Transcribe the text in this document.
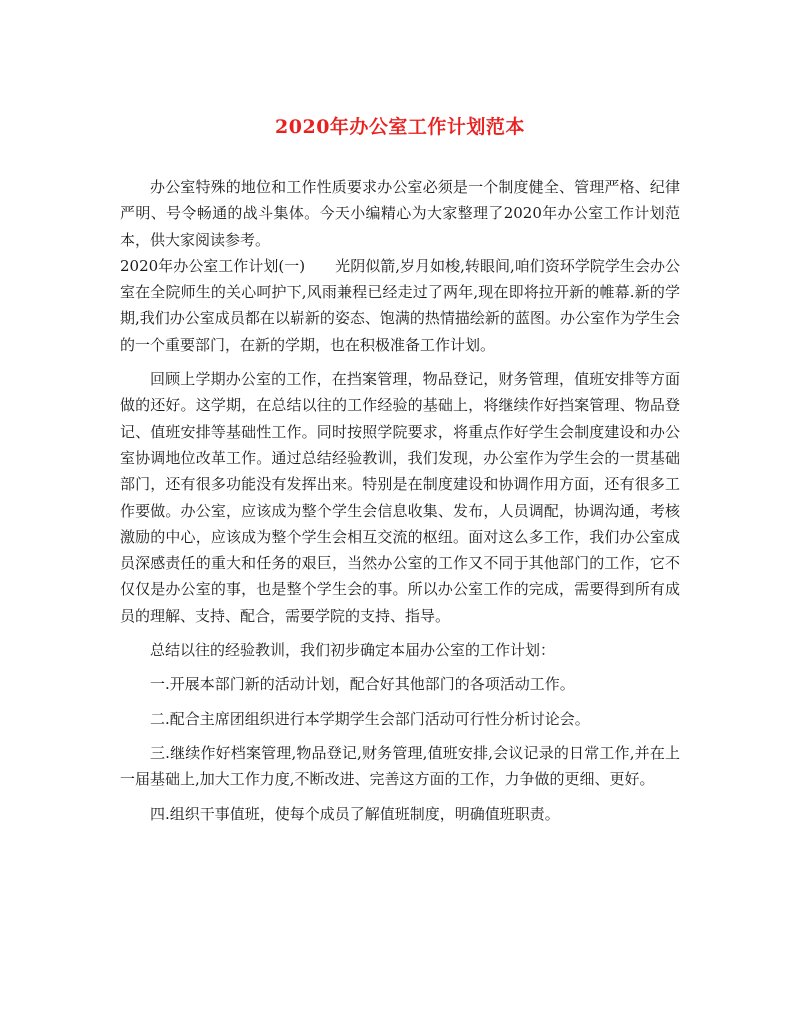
2020年办公室工作计划范本

办公室特殊的地位和工作性质要求办公室必须是一个制度健全、管理严格、纪律严明、号令畅通的战斗集体。今天小编精心为大家整理了2020年办公室工作计划范本，供大家阅读参考。

2020年办公室工作计划(一)　　光阴似箭,岁月如梭,转眼间,咱们资环学院学生会办公室在全院师生的关心呵护下,风雨兼程已经走过了两年,现在即将拉开新的帷幕.新的学期,我们办公室成员都在以崭新的姿态、饱满的热情描绘新的蓝图。办公室作为学生会的一个重要部门，在新的学期，也在积极准备工作计划。

回顾上学期办公室的工作，在挡案管理，物品登记，财务管理，值班安排等方面做的还好。这学期，在总结以往的工作经验的基础上，将继续作好挡案管理、物品登记、值班安排等基础性工作。同时按照学院要求，将重点作好学生会制度建设和办公室协调地位改革工作。通过总结经验教训，我们发现，办公室作为学生会的一贯基础部门，还有很多功能没有发挥出来。特别是在制度建设和协调作用方面，还有很多工作要做。办公室，应该成为整个学生会信息收集、发布，人员调配，协调沟通，考核激励的中心，应该成为整个学生会相互交流的枢纽。面对这么多工作，我们办公室成员深感责任的重大和任务的艰巨，当然办公室的工作又不同于其他部门的工作，它不仅仅是办公室的事，也是整个学生会的事。所以办公室工作的完成，需要得到所有成员的理解、支持、配合，需要学院的支持、指导。

总结以往的经验教训，我们初步确定本届办公室的工作计划：

一.开展本部门新的活动计划，配合好其他部门的各项活动工作。

二.配合主席团组织进行本学期学生会部门活动可行性分析讨论会。

三.继续作好档案管理,物品登记,财务管理,值班安排,会议记录的日常工作,并在上一届基础上,加大工作力度,不断改进、完善这方面的工作，力争做的更细、更好。

四.组织干事值班，使每个成员了解值班制度，明确值班职责。
